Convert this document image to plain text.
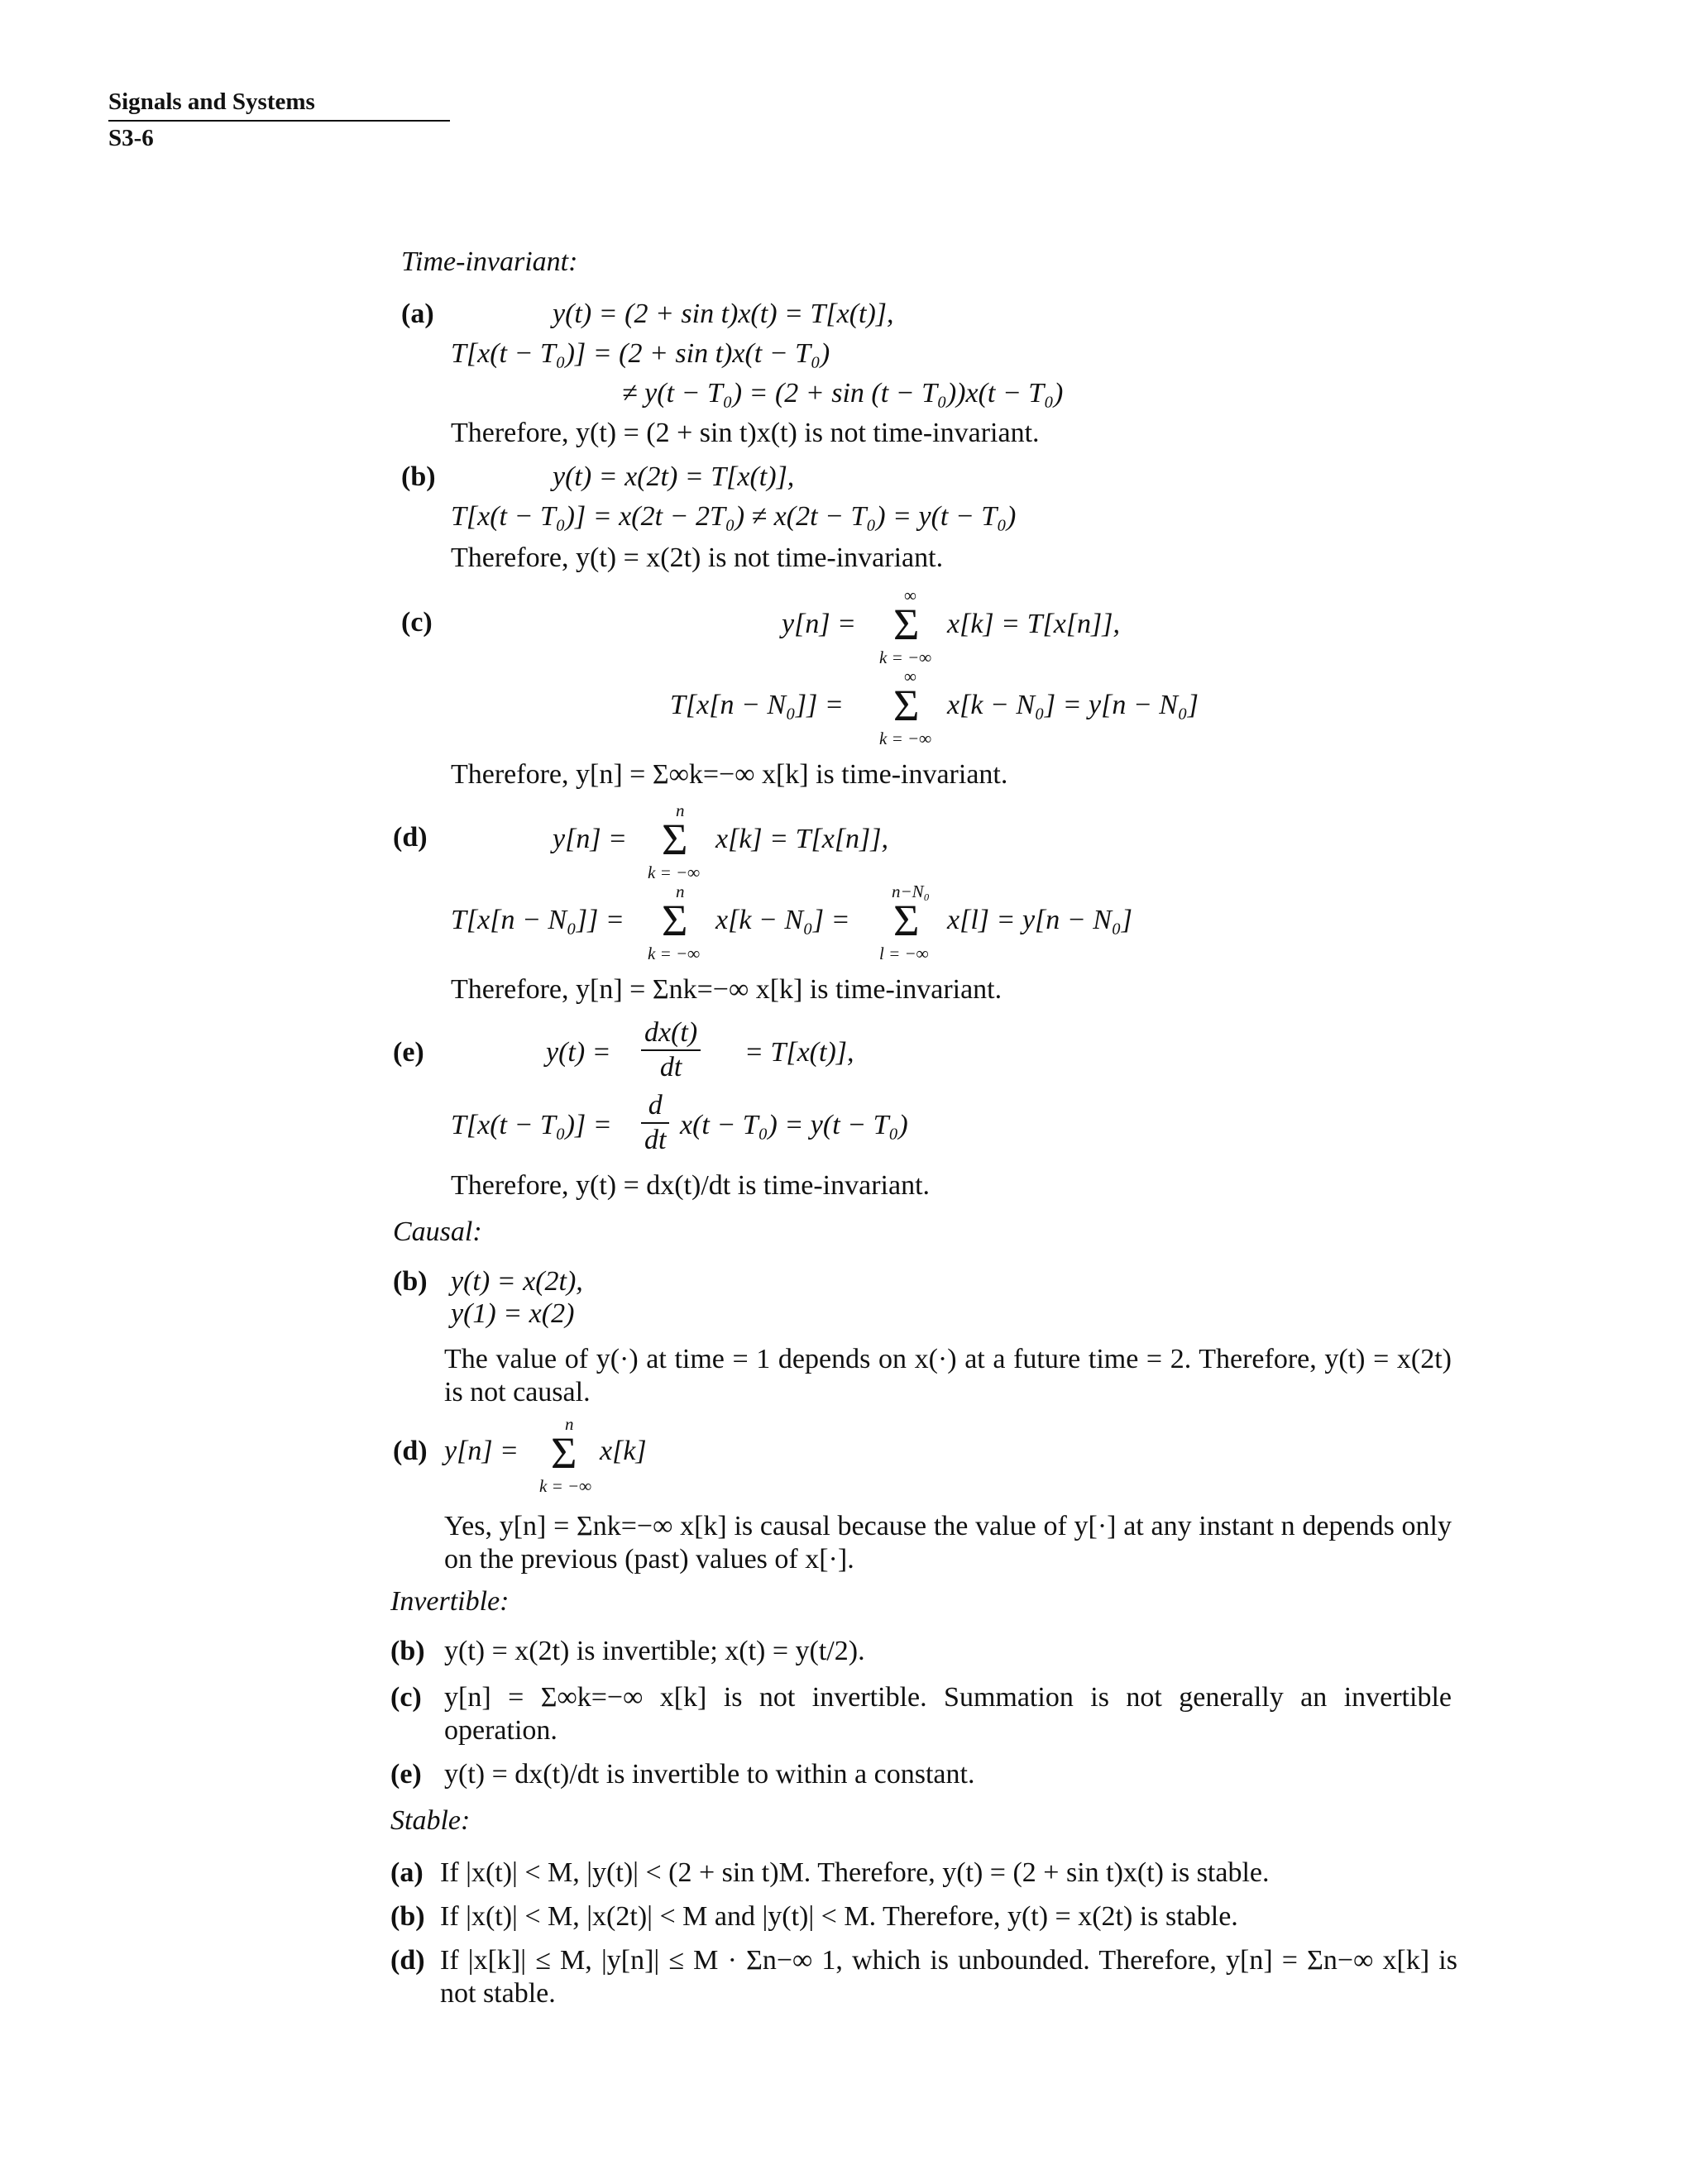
Signals and Systems
S3-6
Time-invariant:
(a)	y(t) = (2 + sin t)x(t) = T[x(t)],
T[x(t − T₀)] = (2 + sin t)x(t − T₀)
≠ y(t − T₀) = (2 + sin (t − T₀))x(t − T₀)
Therefore, y(t) = (2 + sin t)x(t) is not time-invariant.
(b)	y(t) = x(2t) = T[x(t)],
T[x(t − T₀)] = x(2t − 2T₀) ≠ x(2t − T₀) = y(t − T₀)
Therefore, y(t) = x(2t) is not time-invariant.
(c)	y[n] =
∞
Σ
k = −∞
x[k] = T[x[n]],
T[x[n − N₀]] =
∞
Σ
k = −∞
x[k − N₀] = y[n − N₀]
Therefore, y[n] = Σ∞k=−∞ x[k] is time-invariant.
(d)	y[n] =
n
Σ
k = −∞
x[k] = T[x[n]],
T[x[n − N₀]] =
n
Σ
k = −∞
x[k − N₀] =
n−N₀
Σ
l = −∞
x[l] = y[n − N₀]
Therefore, y[n] = Σnk=−∞ x[k] is time-invariant.
(e)	$y(t) = \frac{dx(t)}{dt} = T[x(t)]$,
$T[x(t - T_0)] = \frac{d}{dt} x(t - T_0) = y(t - T_0)$
Therefore, y(t) = dx(t)/dt is time-invariant.
Causal:
(b) y(t) = x(2t),
y(1) = x(2)
The value of y(·) at time = 1 depends on x(·) at a future time = 2. Therefore, y(t) = x(2t) is not causal.
(d) y[n] =
n
Σ
k = −∞
x[k]
Yes, y[n] = Σnk=−∞ x[k] is causal because the value of y[·] at any instant n depends only on the previous (past) values of x[·].
Invertible:
(b) y(t) = x(2t) is invertible; x(t) = y(t/2).
(c) y[n] = Σ∞k=−∞ x[k] is not invertible. Summation is not generally an invertible operation.
(e) y(t) = dx(t)/dt is invertible to within a constant.
Stable:
(a) If |x(t)| < M, |y(t)| < (2 + sin t)M. Therefore, y(t) = (2 + sin t)x(t) is stable.
(b) If |x(t)| < M, |x(2t)| < M and |y(t)| < M. Therefore, y(t) = x(2t) is stable.
(d) If |x[k]| ≤ M, |y[n]| ≤ M · Σn−∞ 1, which is unbounded. Therefore, y[n] = Σn−∞ x[k] is not stable.
